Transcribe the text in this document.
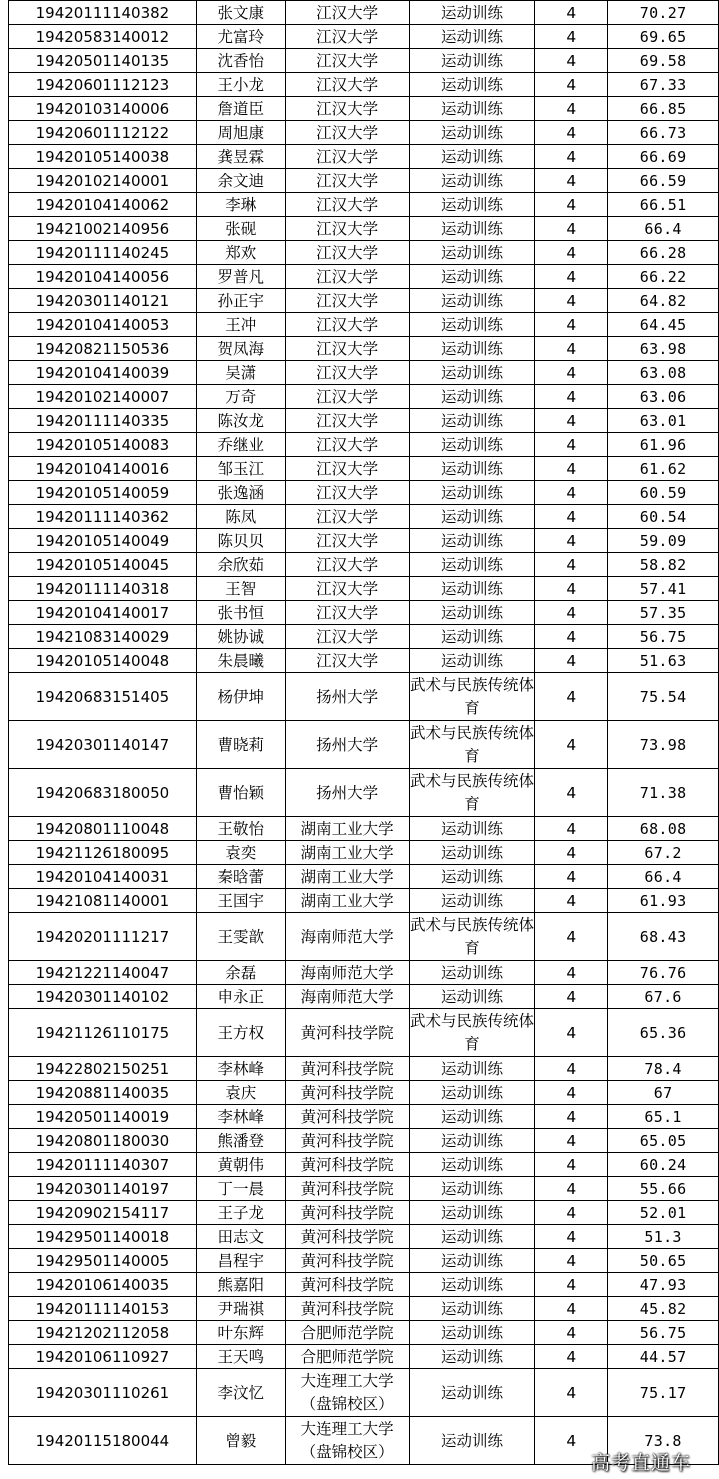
19420111140382	张文康	江汉大学	运动训练	4	70.27
19420583140012	尤富玲	江汉大学	运动训练	4	69.65
19420501140135	沈香怡	江汉大学	运动训练	4	69.58
19420601112123	王小龙	江汉大学	运动训练	4	67.33
19420103140006	詹道臣	江汉大学	运动训练	4	66.85
19420601112122	周旭康	江汉大学	运动训练	4	66.73
19420105140038	龚昱霖	江汉大学	运动训练	4	66.69
19420102140001	余文迪	江汉大学	运动训练	4	66.59
19420104140062	李琳	江汉大学	运动训练	4	66.51
19421002140956	张砚	江汉大学	运动训练	4	66.4
19420111140245	郑欢	江汉大学	运动训练	4	66.28
19420104140056	罗普凡	江汉大学	运动训练	4	66.22
19420301140121	孙正宇	江汉大学	运动训练	4	64.82
19420104140053	王冲	江汉大学	运动训练	4	64.45
19420821150536	贺凤海	江汉大学	运动训练	4	63.98
19420104140039	吴潇	江汉大学	运动训练	4	63.08
19420102140007	万奇	江汉大学	运动训练	4	63.06
19420111140335	陈汝龙	江汉大学	运动训练	4	63.01
19420105140083	乔继业	江汉大学	运动训练	4	61.96
19420104140016	邹玉江	江汉大学	运动训练	4	61.62
19420105140059	张逸涵	江汉大学	运动训练	4	60.59
19420111140362	陈凤	江汉大学	运动训练	4	60.54
19420105140049	陈贝贝	江汉大学	运动训练	4	59.09
19420105140045	余欣茹	江汉大学	运动训练	4	58.82
19420111140318	王智	江汉大学	运动训练	4	57.41
19420104140017	张书恒	江汉大学	运动训练	4	57.35
19421083140029	姚协诚	江汉大学	运动训练	4	56.75
19420105140048	朱晨曦	江汉大学	运动训练	4	51.63
19420683151405	杨伊坤	扬州大学	武术与民族传统体育	4	75.54
19420301140147	曹晓莉	扬州大学	武术与民族传统体育	4	73.98
19420683180050	曹怡颖	扬州大学	武术与民族传统体育	4	71.38
19420801110048	王敬怡	湖南工业大学	运动训练	4	68.08
19421126180095	袁奕	湖南工业大学	运动训练	4	67.2
19420104140031	秦晗蕾	湖南工业大学	运动训练	4	66.4
19421081140001	王国宇	湖南工业大学	运动训练	4	61.93
19420201111217	王雯歆	海南师范大学	武术与民族传统体育	4	68.43
19421221140047	余磊	海南师范大学	运动训练	4	76.76
19420301140102	申永正	海南师范大学	运动训练	4	67.6
19421126110175	王方权	黄河科技学院	武术与民族传统体育	4	65.36
19422802150251	李林峰	黄河科技学院	运动训练	4	78.4
19420881140035	袁庆	黄河科技学院	运动训练	4	67
19420501140019	李林峰	黄河科技学院	运动训练	4	65.1
19420801180030	熊潘登	黄河科技学院	运动训练	4	65.05
19420111140307	黄朝伟	黄河科技学院	运动训练	4	60.24
19420301140197	丁一晨	黄河科技学院	运动训练	4	55.66
19420902154117	王子龙	黄河科技学院	运动训练	4	52.01
19429501140018	田志文	黄河科技学院	运动训练	4	51.3
19429501140005	昌程宇	黄河科技学院	运动训练	4	50.65
19420106140035	熊嘉阳	黄河科技学院	运动训练	4	47.93
19420111140153	尹瑞祺	黄河科技学院	运动训练	4	45.82
19421202112058	叶东辉	合肥师范学院	运动训练	4	56.75
19420106110927	王天鸣	合肥师范学院	运动训练	4	44.57
19420301110261	李汶忆	大连理工大学（盘锦校区）	运动训练	4	75.17
19420115180044	曾毅	大连理工大学（盘锦校区）	运动训练	4	73.8
高考直通车
